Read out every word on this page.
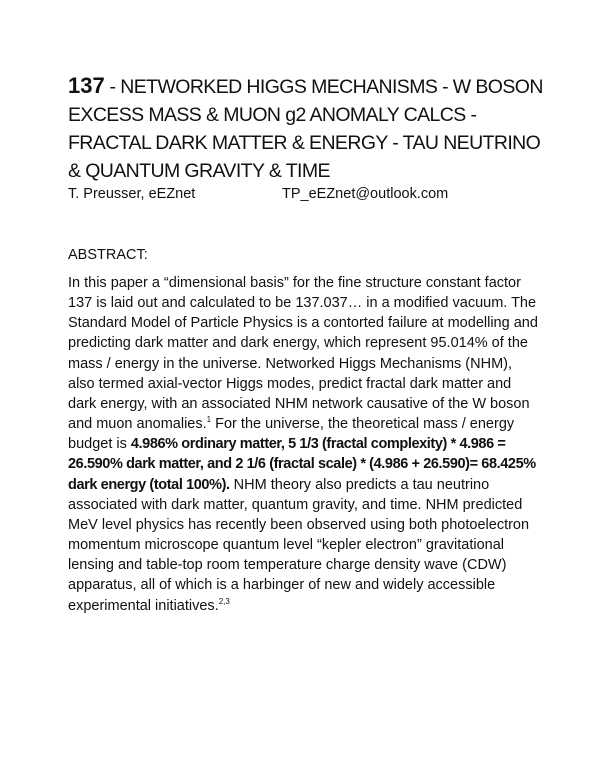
137 - NETWORKED HIGGS MECHANISMS - W BOSON EXCESS MASS & MUON g2 ANOMALY CALCS - FRACTAL DARK MATTER & ENERGY - TAU NEUTRINO & QUANTUM GRAVITY & TIME
T. Preusser, eEZnet	TP_eEZnet@outlook.com
ABSTRACT:

In this paper a “dimensional basis” for the fine structure constant factor 137 is laid out and calculated to be 137.037… in a modified vacuum. The Standard Model of Particle Physics is a contorted failure at modelling and predicting dark matter and dark energy, which represent 95.014% of the mass / energy in the universe. Networked Higgs Mechanisms (NHM), also termed axial-vector Higgs modes, predict fractal dark matter and dark energy, with an associated NHM network causative of the W boson and muon anomalies.$^1$ For the universe, the theoretical mass / energy budget is 4.986% ordinary matter, 5 1/3 (fractal complexity) * 4.986 = 26.590% dark matter, and 2 1/6 (fractal scale) * (4.986 + 26.590)= 68.425% dark energy (total 100%). NHM theory also predicts a tau neutrino associated with dark matter, quantum gravity, and time. NHM predicted MeV level physics has recently been observed using both photoelectron momentum microscope quantum level “kepler electron” gravitational lensing and table-top room temperature charge density wave (CDW) apparatus, all of which is a harbinger of new and widely accessible experimental initiatives.$^{2,3}$
